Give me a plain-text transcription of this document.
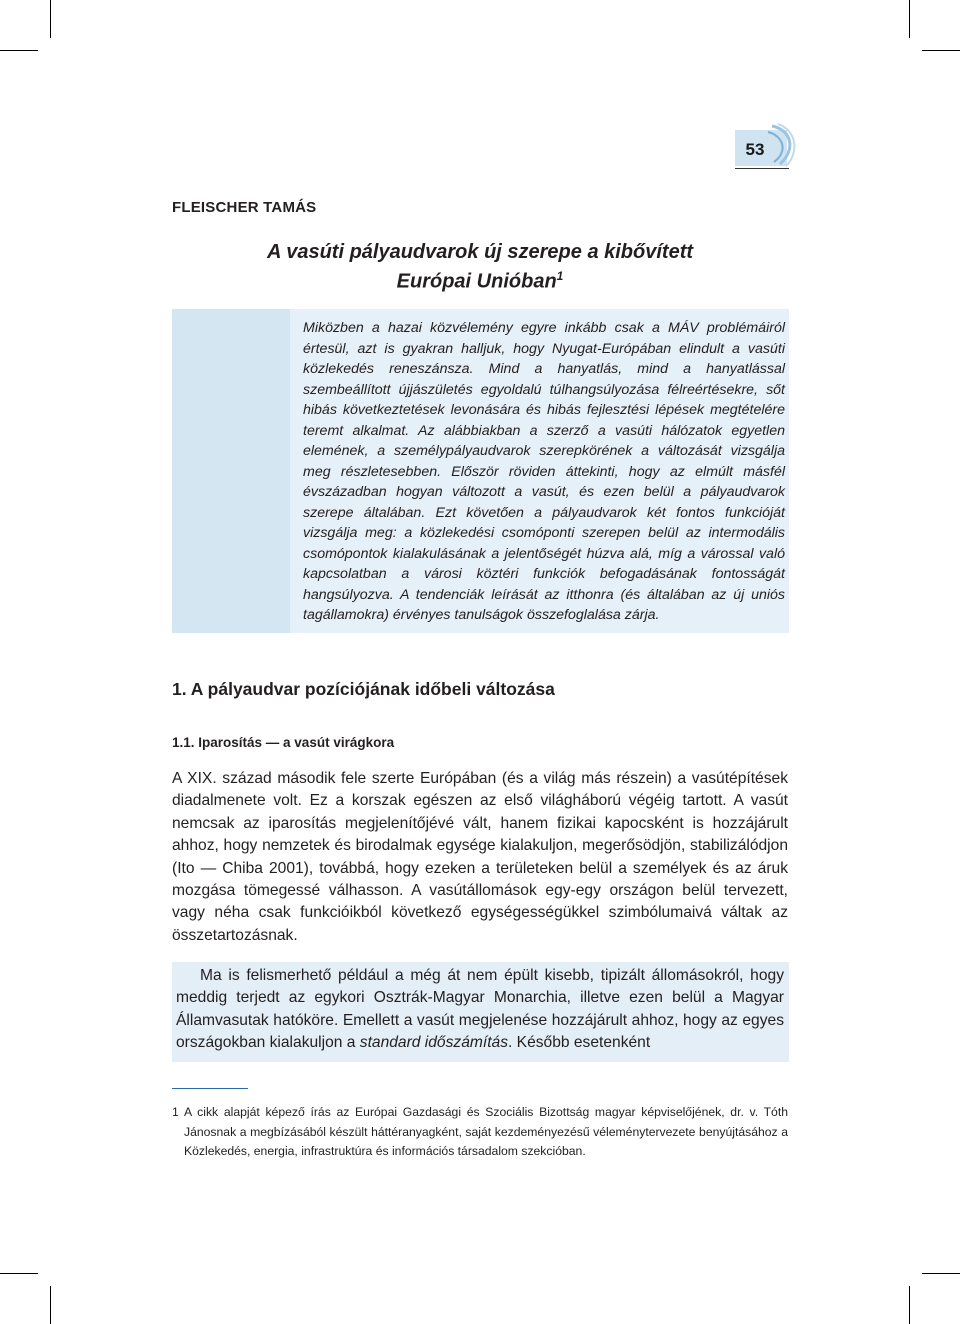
53
FLEISCHER TAMÁS
A vasúti pályaudvarok új szerepe a kibővített
Európai Unióban$^1$
Miközben a hazai közvélemény egyre inkább csak a MÁV problémáiról értesül, azt is gyakran halljuk, hogy Nyugat-Európában elindult a vasúti közlekedés reneszánsza. Mind a hanyatlás, mind a hanyatlással szembeállított újjászületés egyoldalú túlhangsúlyozása félreértésekre, sőt hibás következtetések levonására és hibás fejlesztési lépések megtételére teremt alkalmat. Az alábbiakban a szerző a vasúti hálózatok egyetlen elemének, a személypályaudvarok szerepkörének a változását vizsgálja meg részletesebben. Először röviden áttekinti, hogy az elmúlt másfél évszázadban hogyan változott a vasút, és ezen belül a pályaudvarok szerepe általában. Ezt követően a pályaudvarok két fontos funkcióját vizsgálja meg: a közlekedési csomóponti szerepen belül az intermodális csomópontok kialakulásának a jelentőségét húzva alá, míg a várossal való kapcsolatban a városi köztéri funkciók befogadásának fontosságát hangsúlyozva. A tendenciák leírását az itthonra (és általában az új uniós tagállamokra) érvényes tanulságok összefoglalása zárja.
1. A pályaudvar pozíciójának időbeli változása
1.1. Iparosítás — a vasút virágkora
A XIX. század második fele szerte Európában (és a világ más részein) a vasútépítések diadalmenete volt. Ez a korszak egészen az első világháború végéig tartott. A vasút nemcsak az iparosítás megjelenítőjévé vált, hanem fizikai kapocsként is hozzájárult ahhoz, hogy nemzetek és birodalmak egysége kialakuljon, megerősödjön, stabilizálódjon (Ito — Chiba 2001), továbbá, hogy ezeken a területeken belül a személyek és az áruk mozgása tömegessé válhasson. A vasútállomások egy-egy országon belül tervezett, vagy néha csak funkcióikból következő egységességükkel szimbólumaivá váltak az összetartozásnak.
Ma is felismerhető például a még át nem épült kisebb, tipizált állomásokról, hogy meddig terjedt az egykori Osztrák-Magyar Monarchia, illetve ezen belül a Magyar Államvasutak hatóköre. Emellett a vasút megjelenése hozzájárult ahhoz, hogy az egyes országokban kialakuljon a standard időszámítás. Később esetenként
1 A cikk alapját képező írás az Európai Gazdasági és Szociális Bizottság magyar képviselőjének, dr. v. Tóth Jánosnak a megbízásából készült háttéranyagként, saját kezdeményezésű véleménytervezete benyújtásához a Közlekedés, energia, infrastruktúra és információs társadalom szekcióban.
